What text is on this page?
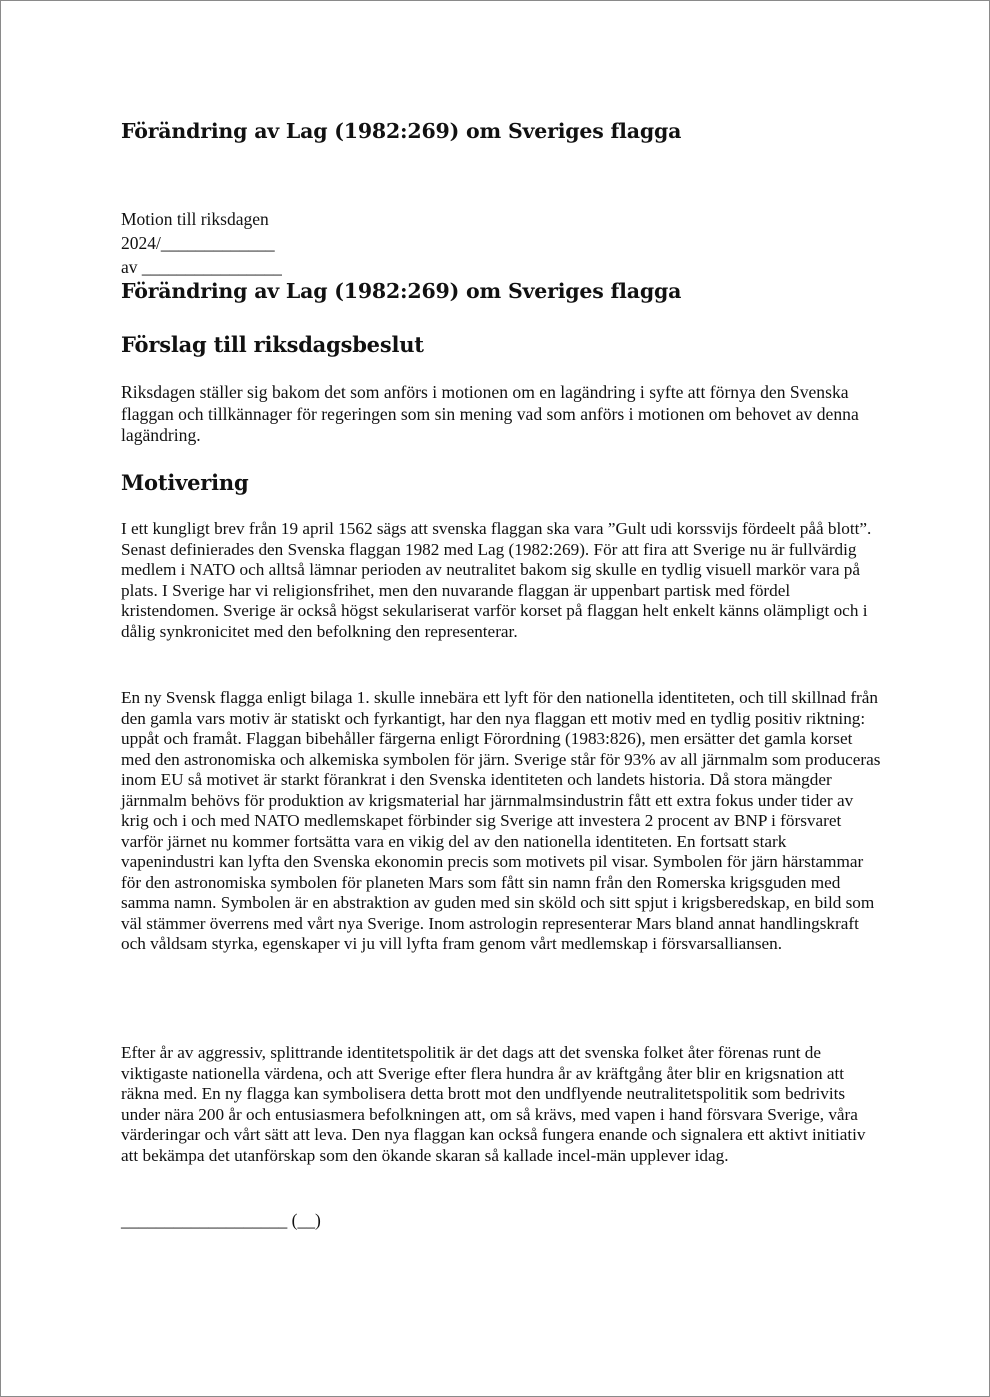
Förändring av Lag (1982:269) om Sveriges flagga
Motion till riksdagen
2024/_____________
av ________________
Förändring av Lag (1982:269) om Sveriges flagga
Förslag till riksdagsbeslut

Riksdagen ställer sig bakom det som anförs i motionen om en lagändring i syfte att förnya den Svenska flaggan och tillkännager för regeringen som sin mening vad som anförs i motionen om behovet av denna lagändring.

Motivering

I ett kungligt brev från 19 april 1562 sägs att svenska flaggan ska vara ”Gult udi korssvijs fördeelt påå blott”. Senast definierades den Svenska flaggan 1982 med Lag (1982:269). För att fira att Sverige nu är fullvärdig medlem i NATO och alltså lämnar perioden av neutralitet bakom sig skulle en tydlig visuell markör vara på plats. I Sverige har vi religionsfrihet, men den nuvarande flaggan är uppenbart partisk med fördel kristendomen. Sverige är också högst sekulariserat varför korset på flaggan helt enkelt känns olämpligt och i dålig synkronicitet med den befolkning den representerar.

En ny Svensk flagga enligt bilaga 1. skulle innebära ett lyft för den nationella identiteten, och till skillnad från den gamla vars motiv är statiskt och fyrkantigt, har den nya flaggan ett motiv med en tydlig positiv riktning: uppåt och framåt. Flaggan bibehåller färgerna enligt Förordning (1983:826), men ersätter det gamla korset med den astronomiska och alkemiska symbolen för järn. Sverige står för 93% av all järnmalm som produceras inom EU så motivet är starkt förankrat i den Svenska identiteten och landets historia. Då stora mängder järnmalm behövs för produktion av krigsmaterial har järnmalmsindustrin fått ett extra fokus under tider av krig och i och med NATO medlemskapet förbinder sig Sverige att investera 2 procent av BNP i försvaret varför järnet nu kommer fortsätta vara en vikig del av den nationella identiteten. En fortsatt stark vapenindustri kan lyfta den Svenska ekonomin precis som motivets pil visar. Symbolen för järn härstammar för den astronomiska symbolen för planeten Mars som fått sin namn från den Romerska krigsguden med samma namn. Symbolen är en abstraktion av guden med sin sköld och sitt spjut i krigsberedskap, en bild som väl stämmer överrens med vårt nya Sverige. Inom astrologin representerar Mars bland annat handlingskraft och våldsam styrka, egenskaper vi ju vill lyfta fram genom vårt medlemskap i försvarsalliansen.

Efter år av aggressiv, splittrande identitetspolitik är det dags att det svenska folket åter förenas runt de viktigaste nationella värdena, och att Sverige efter flera hundra år av kräftgång åter blir en krigsnation att räkna med. En ny flagga kan symbolisera detta brott mot den undflyende neutralitetspolitik som bedrivits under nära 200 år och entusiasmera befolkningen att, om så krävs, med vapen i hand försvara Sverige, våra värderingar och vårt sätt att leva. Den nya flaggan kan också fungera enande och signalera ett aktivt initiativ att bekämpa det utanförskap som den ökande skaran så kallade incel-män upplever idag.

___________________ (__)
